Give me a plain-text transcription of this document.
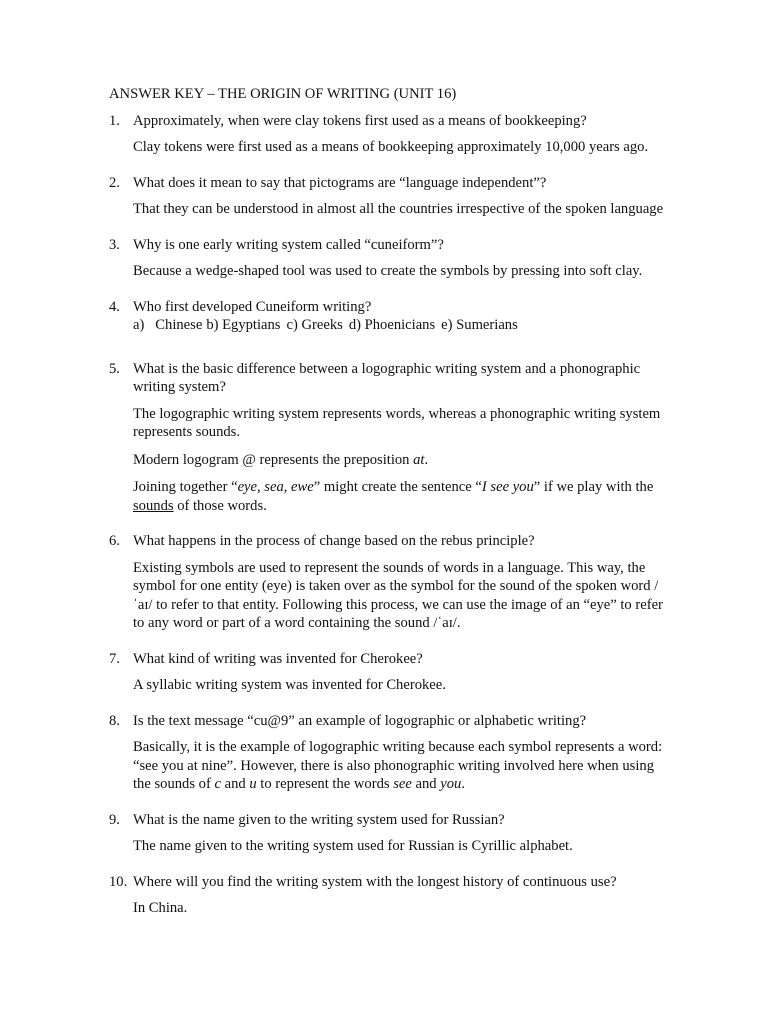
ANSWER KEY – THE ORIGIN OF WRITING (UNIT 16)
1. Approximately, when were clay tokens first used as a means of bookkeeping?

Clay tokens were first used as a means of bookkeeping approximately 10,000 years ago.

2. What does it mean to say that pictograms are “language independent”?

That they can be understood in almost all the countries irrespective of the spoken language

3. Why is one early writing system called “cuneiform”?

Because a wedge-shaped tool was used to create the symbols by pressing into soft clay.

4. Who first developed Cuneiform writing?
a)   Chinese b) Egyptians c) Greeks d) Phoenicians e) Sumerians
5. What is the basic difference between a logographic writing system and a phonographic writing system?

The logographic writing system represents words, whereas a phonographic writing system represents sounds.

Modern logogram @ represents the preposition at.

Joining together “eye, sea, ewe” might create the sentence “I see you” if we play with the sounds of those words.

6. What happens in the process of change based on the rebus principle?

Existing symbols are used to represent the sounds of words in a language. This way, the symbol for one entity (eye) is taken over as the symbol for the sound of the spoken word /ˈaɪ/ to refer to that entity. Following this process, we can use the image of an “eye” to refer to any word or part of a word containing the sound /ˈaɪ/.

7. What kind of writing was invented for Cherokee?

A syllabic writing system was invented for Cherokee.

8. Is the text message “cu@9” an example of logographic or alphabetic writing?

Basically, it is the example of logographic writing because each symbol represents a word: “see you at nine”. However, there is also phonographic writing involved here when using the sounds of c and u to represent the words see and you.

9. What is the name given to the writing system used for Russian?

The name given to the writing system used for Russian is Cyrillic alphabet.

10. Where will you find the writing system with the longest history of continuous use?

In China.
